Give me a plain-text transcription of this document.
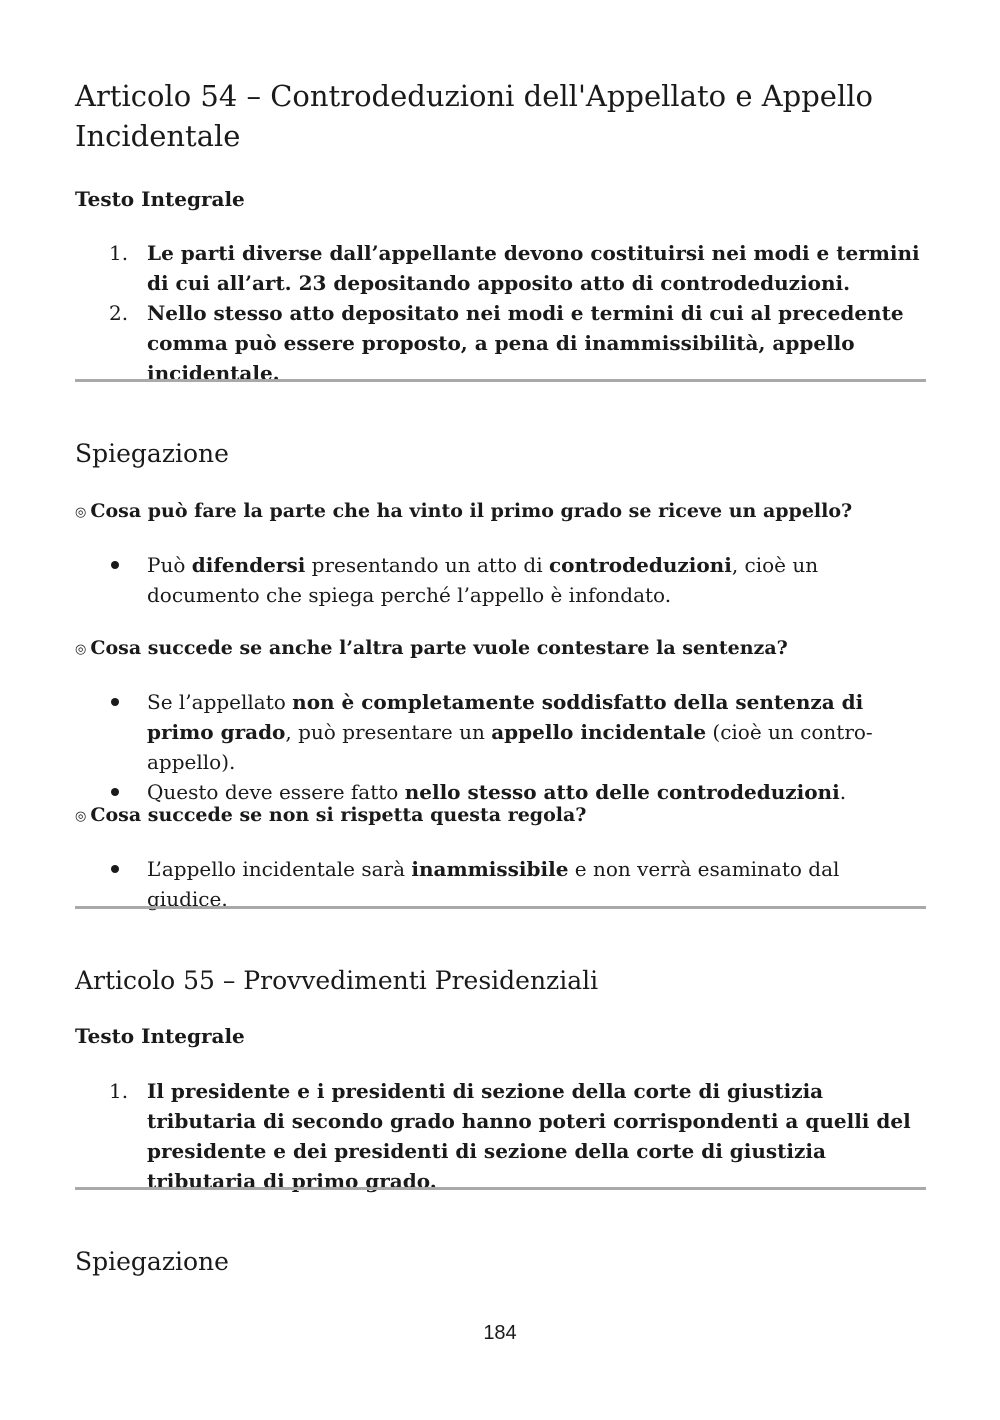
Articolo 54 – Controdeduzioni dell'Appellato e Appello Incidentale

Testo Integrale

1. Le parti diverse dall’appellante devono costituirsi nei modi e termini di cui all’art. 23 depositando apposito atto di controdeduzioni.
2. Nello stesso atto depositato nei modi e termini di cui al precedente comma può essere proposto, a pena di inammissibilità, appello incidentale.
Spiegazione

◎ Cosa può fare la parte che ha vinto il primo grado se riceve un appello?

Può difendersi presentando un atto di controdeduzioni, cioè un documento che spiega perché l’appello è infondato.

◎ Cosa succede se anche l’altra parte vuole contestare la sentenza?

Se l’appellato non è completamente soddisfatto della sentenza di primo grado, può presentare un appello incidentale (cioè un contro-appello).
Questo deve essere fatto nello stesso atto delle controdeduzioni.

◎ Cosa succede se non si rispetta questa regola?

L’appello incidentale sarà inammissibile e non verrà esaminato dal giudice.
Articolo 55 – Provvedimenti Presidenziali

Testo Integrale

1. Il presidente e i presidenti di sezione della corte di giustizia tributaria di secondo grado hanno poteri corrispondenti a quelli del presidente e dei presidenti di sezione della corte di giustizia tributaria di primo grado.
Spiegazione
184
